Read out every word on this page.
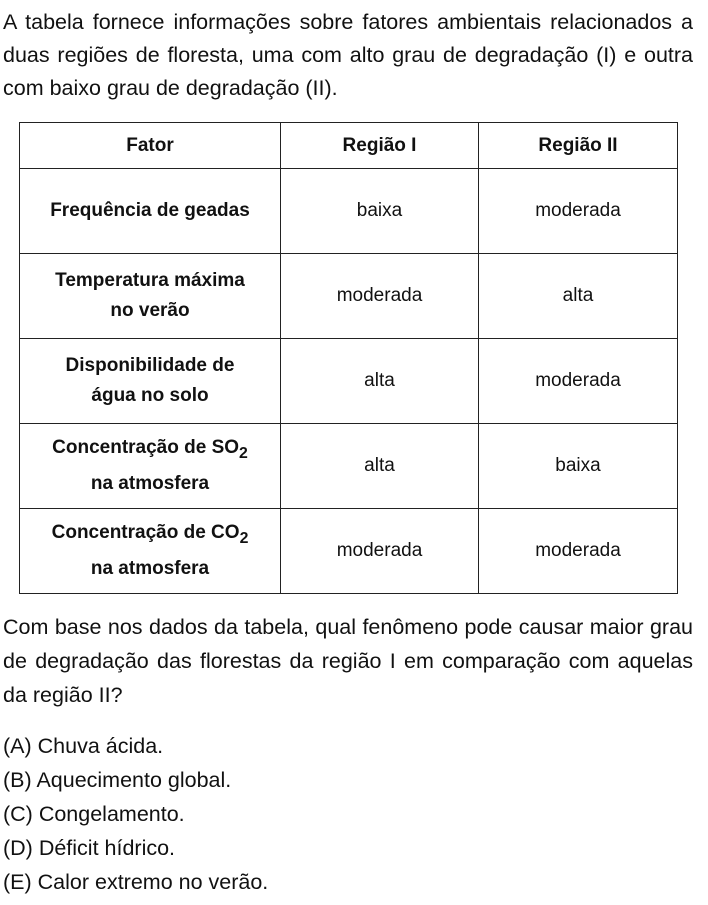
A tabela fornece informações sobre fatores ambientais relacionados a duas regiões de floresta, uma com alto grau de degradação (I) e outra com baixo grau de degradação (II).

Fator	Região I	Região II
Frequência de geadas	baixa	moderada
Temperatura máxima
no verão	moderada	alta
Disponibilidade de
água no solo	alta	moderada
Concentração de $SO_2$
na atmosfera	alta	baixa
Concentração de $CO_2$
na atmosfera	moderada	moderada

Com base nos dados da tabela, qual fenômeno pode causar maior grau de degradação das florestas da região I em comparação com aquelas da região II?

(A) Chuva ácida.
(B) Aquecimento global.
(C) Congelamento.
(D) Déficit hídrico.
(E) Calor extremo no verão.
